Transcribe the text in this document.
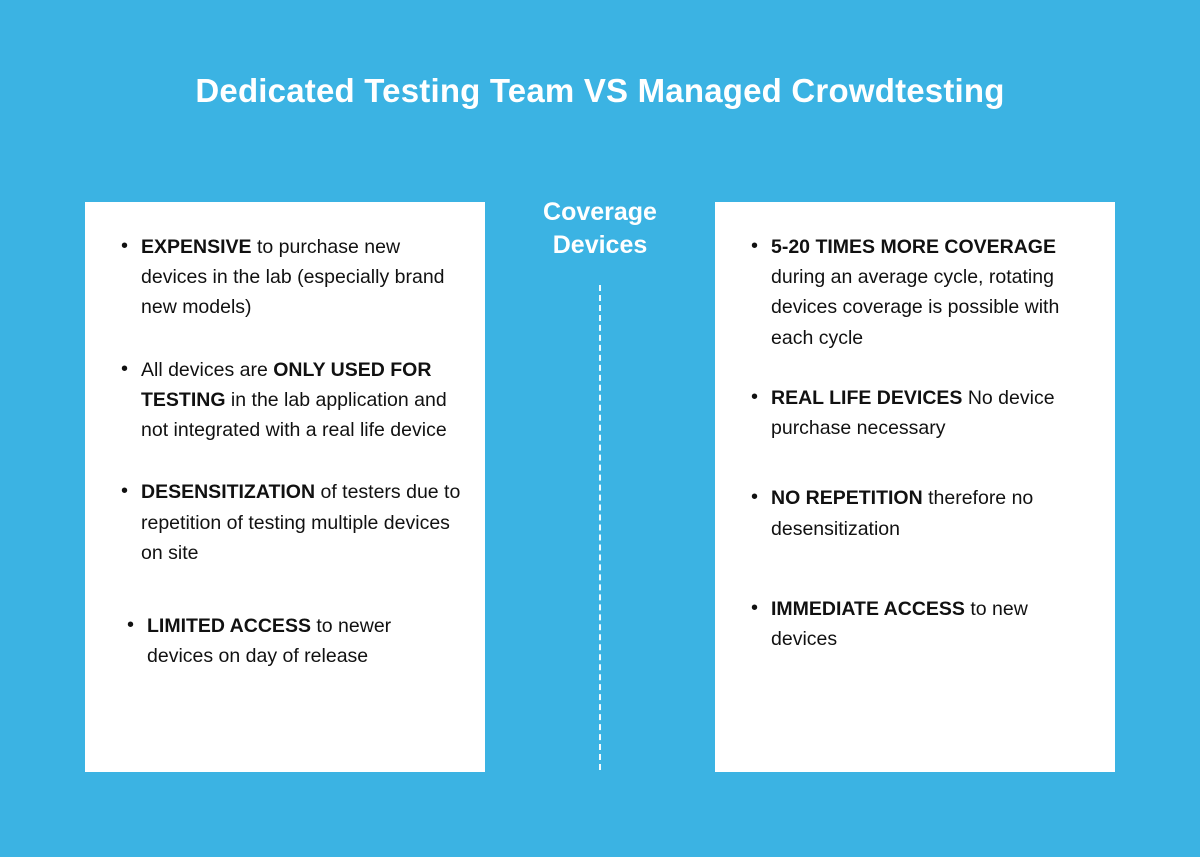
Dedicated Testing Team VS Managed Crowdtesting
Coverage
Devices
• EXPENSIVE to purchase new devices in the lab (especially brand new models)
• All devices are ONLY USED FOR TESTING in the lab application and not integrated with a real life device
• DESENSITIZATION of testers due to repetition of testing multiple devices on site
• LIMITED ACCESS to newer devices on day of release
• 5-20 TIMES MORE COVERAGE during an average cycle, rotating devices coverage is possible with each cycle
• REAL LIFE DEVICES No device purchase necessary
• NO REPETITION therefore no desensitization
• IMMEDIATE ACCESS to new devices
